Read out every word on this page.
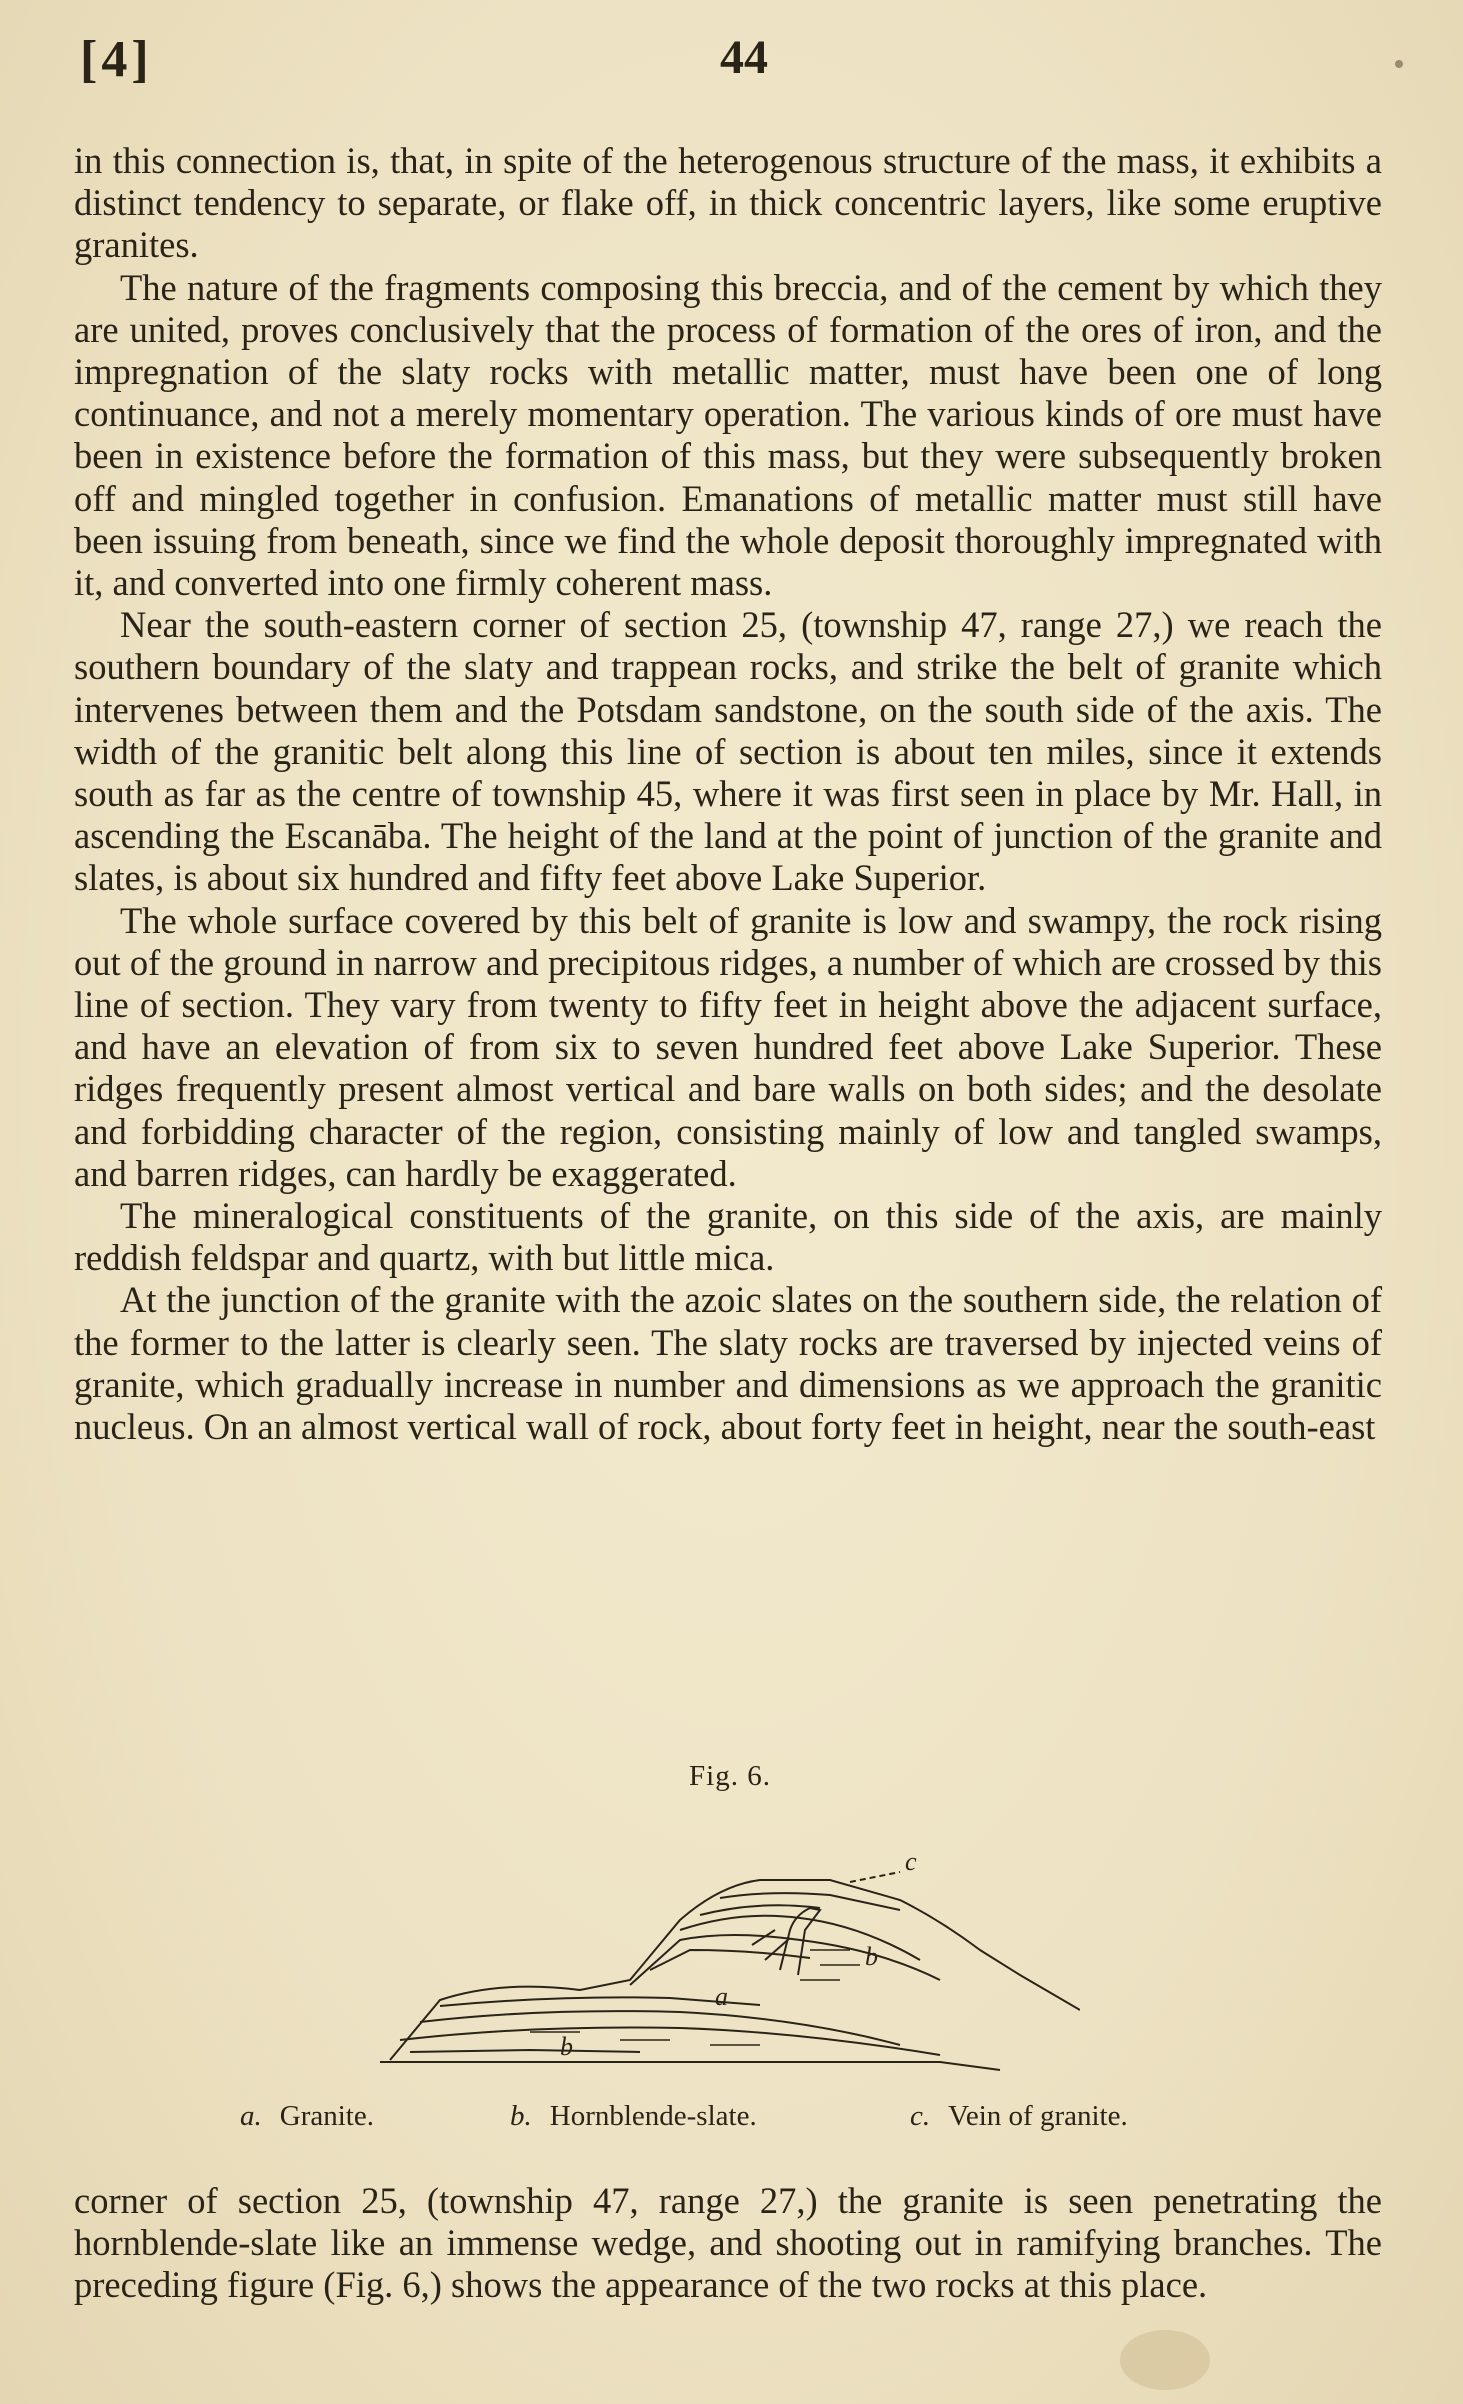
[4]	44

in this connection is, that, in spite of the heterogenous structure of the mass, it exhibits a distinct tendency to separate, or flake off, in thick concentric layers, like some eruptive granites.

The nature of the fragments composing this breccia, and of the cement by which they are united, proves conclusively that the process of formation of the ores of iron, and the impregnation of the slaty rocks with metallic matter, must have been one of long continuance, and not a merely momentary operation. The various kinds of ore must have been in existence before the formation of this mass, but they were subsequently broken off and mingled together in confusion. Emanations of metallic matter must still have been issuing from beneath, since we find the whole deposit thoroughly impregnated with it, and converted into one firmly coherent mass.

Near the south-eastern corner of section 25, (township 47, range 27,) we reach the southern boundary of the slaty and trappean rocks, and strike the belt of granite which intervenes between them and the Potsdam sandstone, on the south side of the axis. The width of the granitic belt along this line of section is about ten miles, since it extends south as far as the centre of township 45, where it was first seen in place by Mr. Hall, in ascending the Escanāba. The height of the land at the point of junction of the granite and slates, is about six hundred and fifty feet above Lake Superior.

The whole surface covered by this belt of granite is low and swampy, the rock rising out of the ground in narrow and precipitous ridges, a number of which are crossed by this line of section. They vary from twenty to fifty feet in height above the adjacent surface, and have an elevation of from six to seven hundred feet above Lake Superior. These ridges frequently present almost vertical and bare walls on both sides; and the desolate and forbidding character of the region, consisting mainly of low and tangled swamps, and barren ridges, can hardly be exaggerated.

The mineralogical constituents of the granite, on this side of the axis, are mainly reddish feldspar and quartz, with but little mica.

At the junction of the granite with the azoic slates on the southern side, the relation of the former to the latter is clearly seen. The slaty rocks are traversed by injected veins of granite, which gradually increase in number and dimensions as we approach the granitic nucleus. On an almost vertical wall of rock, about forty feet in height, near the south-east

Fig. 6.
a
b
b
c
a. Granite.	b. Hornblende-slate.	c. Vein of granite.

corner of section 25, (township 47, range 27,) the granite is seen penetrating the hornblende-slate like an immense wedge, and shooting out in ramifying branches. The preceding figure (Fig. 6,) shows the appearance of the two rocks at this place.
